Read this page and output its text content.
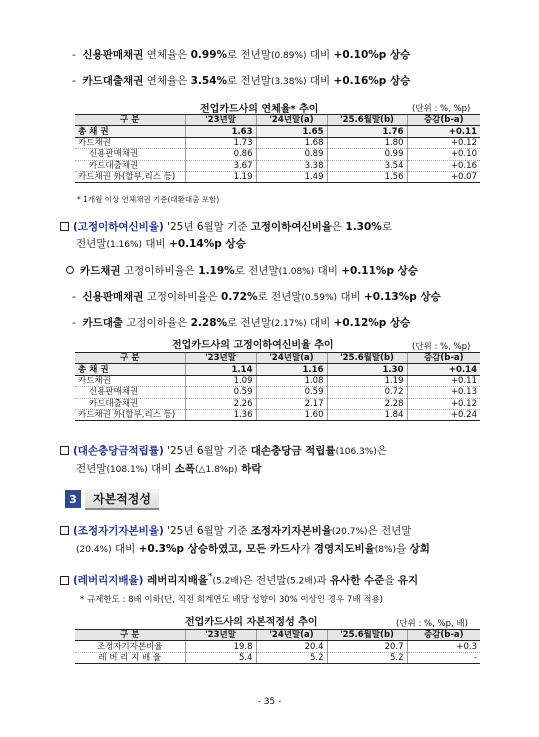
- 신용판매채권 연체율은 0.99%로 전년말(0.89%) 대비 +0.10%p 상승
- 카드대출채권 연체율은 3.54%로 전년말(3.38%) 대비 +0.16%p 상승
전업카드사의 연체율* 추이	(단위 : %, %p)
구 분	'23년말	'24년말(a)	'25.6월말(b)	증감(b-a)
총 채 권	1.63	1.65	1.76	+0.11
카드채권	1.73	1.68	1.80	+0.12
신용판매채권	0.86	0.89	0.99	+0.10
카드대출채권	3.67	3.38	3.54	+0.16
카드채권 外(할부,리스 등)	1.19	1.49	1.56	+0.07
* 1개월 이상 연체채권 기준(대환대출 포함)
(고정이하여신비율) '25년 6월말 기준 고정이하여신비율은 1.30%로
전년말(1.16%) 대비 +0.14%p 상승
카드채권 고정이하비율은 1.19%로 전년말(1.08%) 대비 +0.11%p 상승
- 신용판매채권 고정이하비율은 0.72%로 전년말(0.59%) 대비 +0.13%p 상승
- 카드대출 고정이하율은 2.28%로 전년말(2.17%) 대비 +0.12%p 상승
전업카드사의 고정이하여신비율 추이	(단위 : %, %p)
구 분	'23년말	'24년말(a)	'25.6월말(b)	증감(b-a)
총 채 권	1.14	1.16	1.30	+0.14
카드채권	1.09	1.08	1.19	+0.11
신용판매채권	0.59	0.59	0.72	+0.13
카드대출채권	2.26	2.17	2.28	+0.12
카드채권 外(할부,리스 등)	1.36	1.60	1.84	+0.24
(대손충당금적립률) '25년 6월말 기준 대손충당금 적립률(106.3%)은
전년말(108.1%) 대비 소폭(△1.8%p) 하락
3	자본적정성
(조정자기자본비율) '25년 6월말 기준 조정자기자본비율(20.7%)은 전년말
(20.4%) 대비 +0.3%p 상승하였고, 모든 카드사가 경영지도비율(8%)을 상회
(레버리지배율) 레버리지배율*(5.2배)은 전년말(5.2배)과 유사한 수준을 유지
* 규제한도 : 8배 이하(단, 직전 회계연도 배당 성향이 30% 이상인 경우 7배 적용)
전업카드사의 자본적정성 추이	(단위 : %, %p, 배)
구 분	'23년말	'24년말(a)	'25.6월말(b)	증감(b-a)
조정자기자본비율	19.8	20.4	20.7	+0.3
레 버 리 지 배 율	5.4	5.2	5.2	-
- 35 -
